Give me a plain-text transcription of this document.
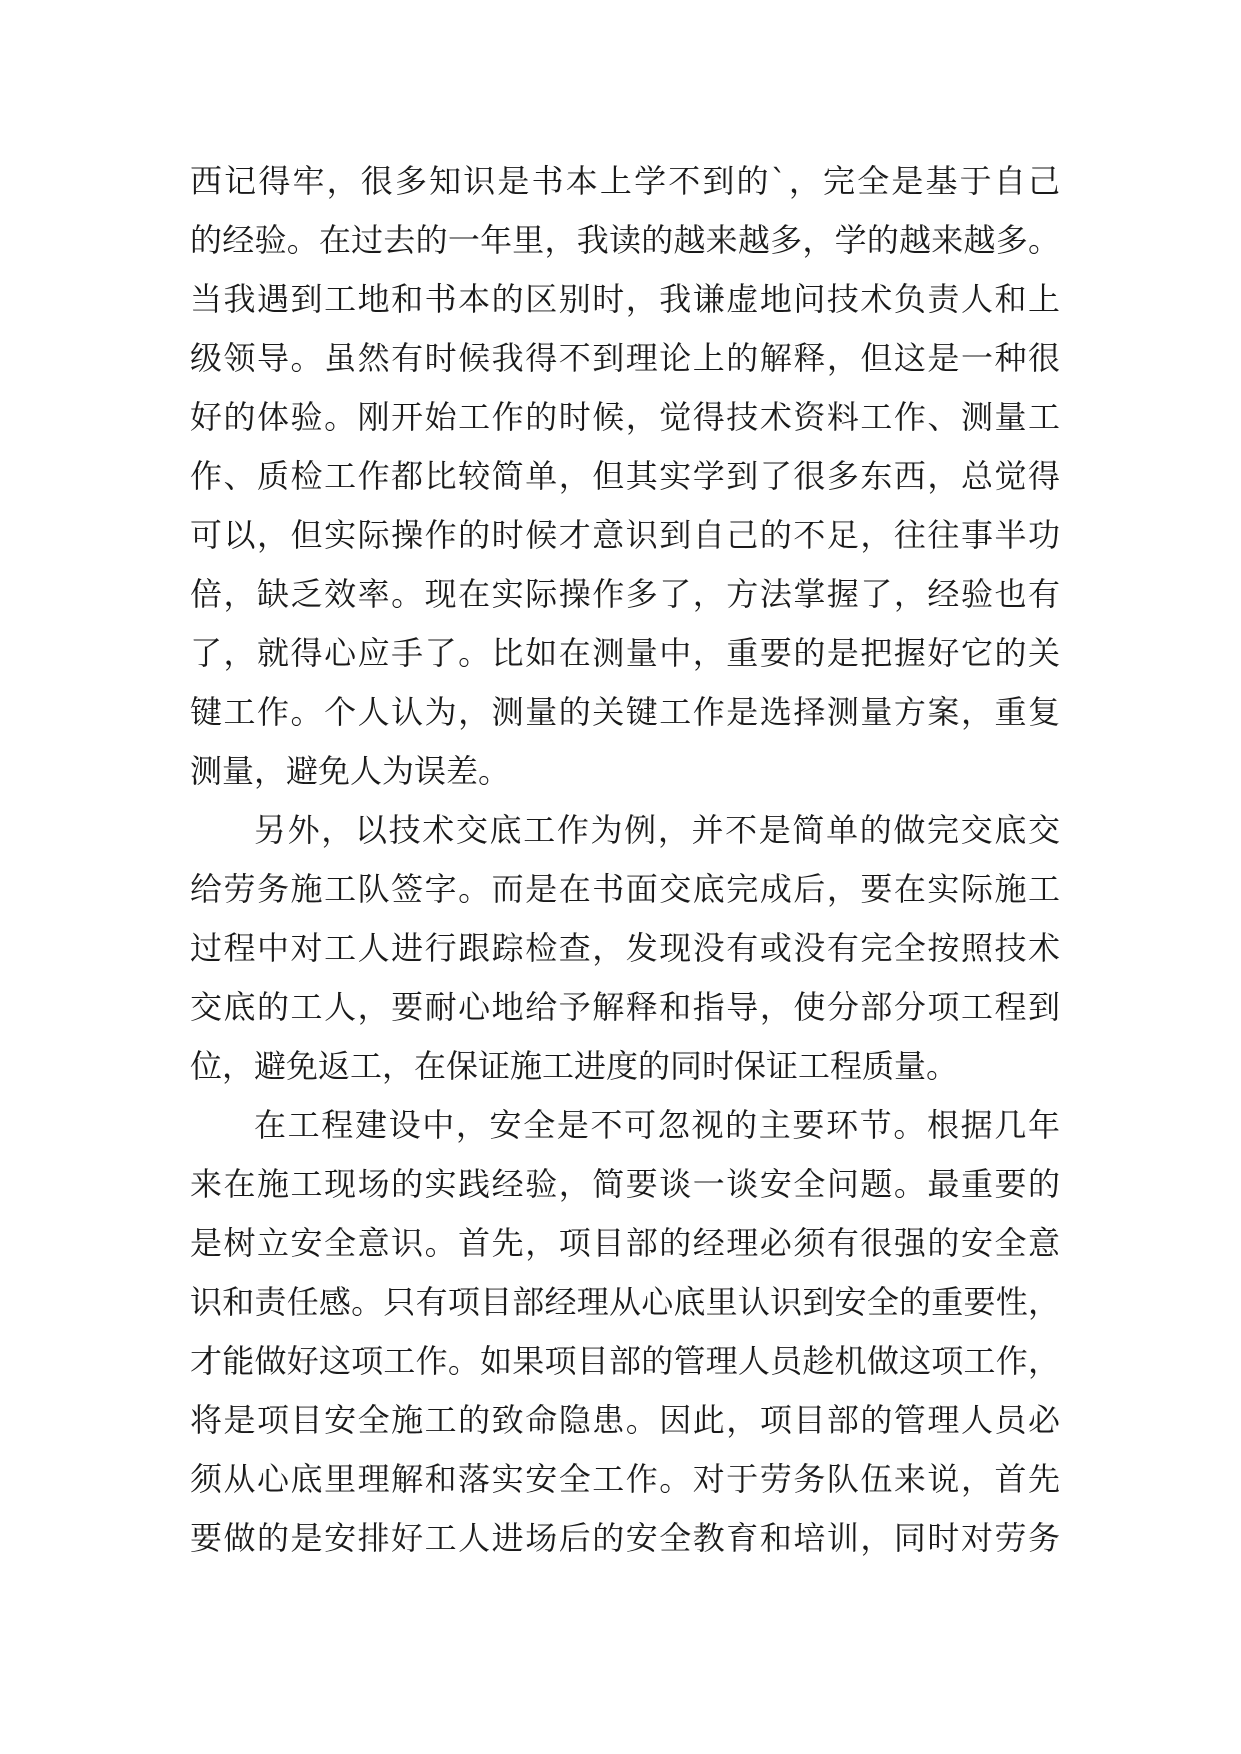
西记得牢，很多知识是书本上学不到的`，完全是基于自己
的经验。在过去的一年里，我读的越来越多，学的越来越多。
当我遇到工地和书本的区别时，我谦虚地问技术负责人和上
级领导。虽然有时候我得不到理论上的解释，但这是一种很
好的体验。刚开始工作的时候，觉得技术资料工作、测量工
作、质检工作都比较简单，但其实学到了很多东西，总觉得
可以，但实际操作的时候才意识到自己的不足，往往事半功
倍，缺乏效率。现在实际操作多了，方法掌握了，经验也有
了，就得心应手了。比如在测量中，重要的是把握好它的关
键工作。个人认为，测量的关键工作是选择测量方案，重复
测量，避免人为误差。
另外，以技术交底工作为例，并不是简单的做完交底交
给劳务施工队签字。而是在书面交底完成后，要在实际施工
过程中对工人进行跟踪检查，发现没有或没有完全按照技术
交底的工人，要耐心地给予解释和指导，使分部分项工程到
位，避免返工，在保证施工进度的同时保证工程质量。
在工程建设中，安全是不可忽视的主要环节。根据几年
来在施工现场的实践经验，简要谈一谈安全问题。最重要的
是树立安全意识。首先，项目部的经理必须有很强的安全意
识和责任感。只有项目部经理从心底里认识到安全的重要性，
才能做好这项工作。如果项目部的管理人员趁机做这项工作，
将是项目安全施工的致命隐患。因此，项目部的管理人员必
须从心底里理解和落实安全工作。对于劳务队伍来说，首先
要做的是安排好工人进场后的安全教育和培训，同时对劳务
